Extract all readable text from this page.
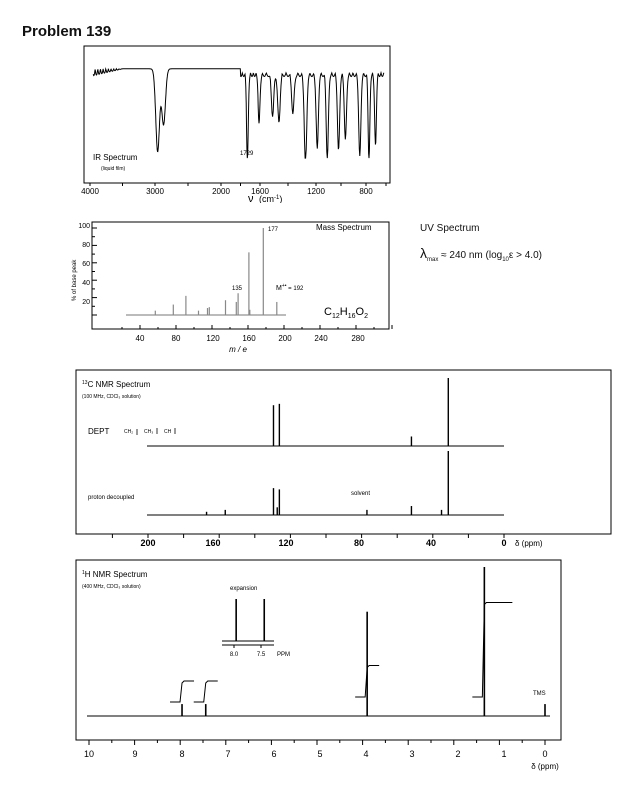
Problem 139
IR Spectrum
(liquid film)
1729
4000	3000	2000	1600	1200	800
ν $(cm^{-1})$
Mass Spectrum
% of base peak
100
80
60
40
20
177
135	M+• = 192
$C_{12}H_{16}O_2$
40	80	120	160	200	240	280
m / e
UV Spectrum
$\lambda_{max} \approx 240$ nm $(\log_{10}\varepsilon > 4.0)$
$^{13}$C NMR Spectrum
(100 MHz, CDCl₃ solution)
DEPT	CH₂ CH₃ CH
proton decoupled
solvent
200	160	120	80	40	0 δ (ppm)
$^1$H NMR Spectrum
(400 MHz, CDCl₃ solution)	expansion
8.0	7.5 PPM
TMS
10	9	8	7	6	5	4	3	2	1	0
δ (ppm)
